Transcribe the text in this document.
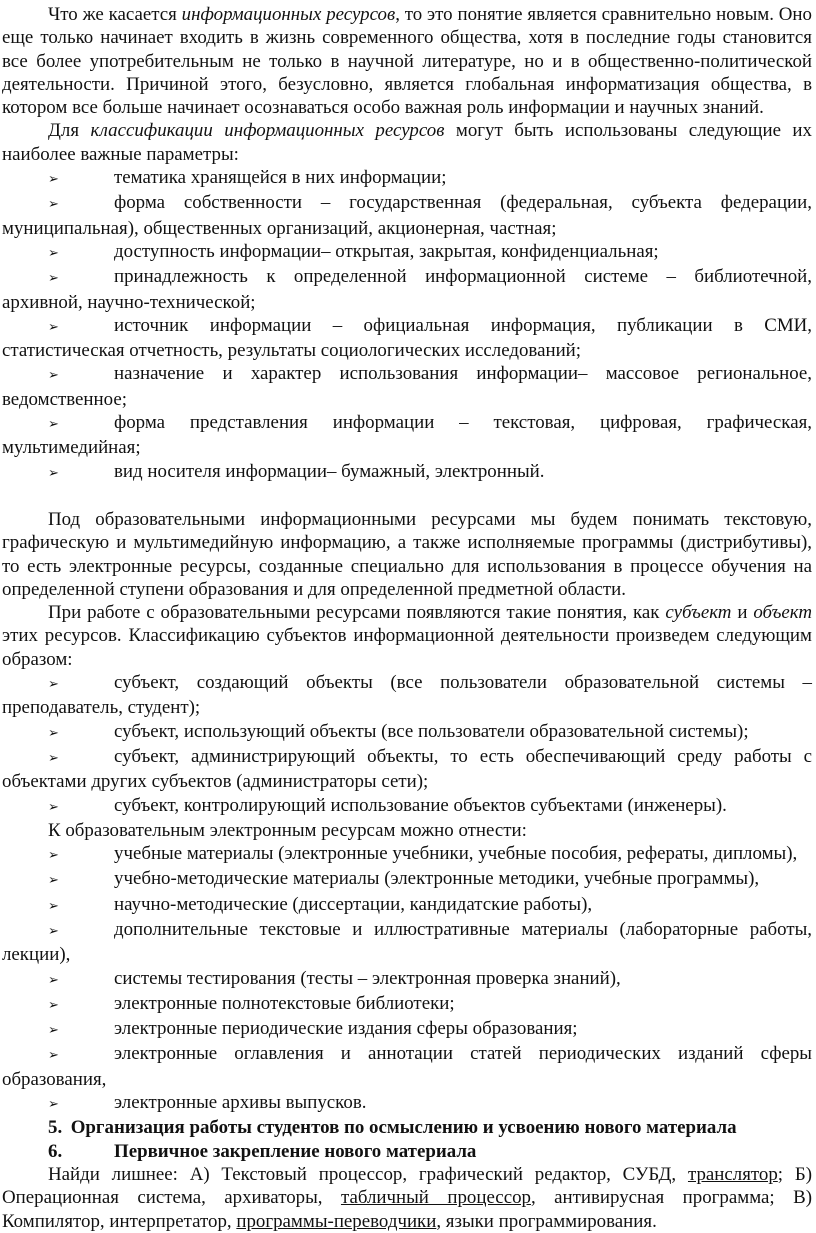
Что же касается информационных ресурсов, то это понятие является сравнительно новым. Оно еще только начинает входить в жизнь современного общества, хотя в последние годы становится все более употребительным не только в научной литературе, но и в общественно-политической деятельности. Причиной этого, безусловно, является глобальная информатизация общества, в котором все больше начинает осознаваться особо важная роль информации и научных знаний.

Для классификации информационных ресурсов могут быть использованы следующие их наиболее важные параметры:

➢	тематика хранящейся в них информации;

➢	форма собственности – государственная (федеральная, субъекта федерации, муниципальная), общественных организаций, акционерная, частная;

➢	доступность информации– открытая, закрытая, конфиденциальная;

➢	принадлежность к определенной информационной системе – библиотечной, архивной, научно-технической;

➢	источник информации – официальная информация, публикации в СМИ, статистическая отчетность, результаты социологических исследований;

➢	назначение и характер использования информации– массовое региональное, ведомственное;

➢	форма представления информации – текстовая, цифровая, графическая, мультимедийная;

➢	вид носителя информации– бумажный, электронный.

Под образовательными информационными ресурсами мы будем понимать текстовую, графическую и мультимедийную информацию, а также исполняемые программы (дистрибутивы), то есть электронные ресурсы, созданные специально для использования в процессе обучения на определенной ступени образования и для определенной предметной области.

При работе с образовательными ресурсами появляются такие понятия, как субъект и объект этих ресурсов. Классификацию субъектов информационной деятельности произведем следующим образом:

➢	субъект, создающий объекты (все пользователи образовательной системы – преподаватель, студент);

➢	субъект, использующий объекты (все пользователи образовательной системы);

➢	субъект, администрирующий объекты, то есть обеспечивающий среду работы с объектами других субъектов (администраторы сети);

➢	субъект, контролирующий использование объектов субъектами (инженеры).

К образовательным электронным ресурсам можно отнести:

➢	учебные материалы (электронные учебники, учебные пособия, рефераты, дипломы),

➢	учебно-методические материалы (электронные методики, учебные программы),

➢	научно-методические (диссертации, кандидатские работы),

➢	дополнительные текстовые и иллюстративные материалы (лабораторные работы, лекции),

➢	системы тестирования (тесты – электронная проверка знаний),

➢	электронные полнотекстовые библиотеки;

➢	электронные периодические издания сферы образования;

➢	электронные оглавления и аннотации статей периодических изданий сферы образования,

➢	электронные архивы выпусков.

5. Организация работы студентов по осмыслению и усвоению нового материала

6.	Первичное закрепление нового материала

Найди лишнее: А) Текстовый процессор, графический редактор, СУБД, транслятор; Б) Операционная система, архиваторы, табличный процессор, антивирусная программа; В) Компилятор, интерпретатор, программы-переводчики, языки программирования.
